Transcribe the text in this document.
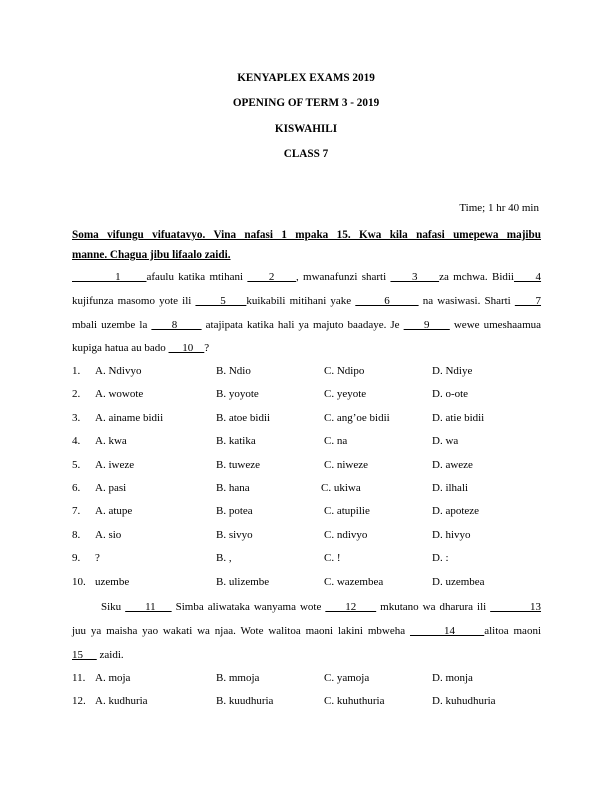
KENYAPLEX EXAMS 2019
OPENING OF TERM 3 - 2019
KISWAHILI
CLASS 7
Time; 1 hr 40 min
Soma vifungu vifuatavyo. Vina nafasi 1 mpaka 15. Kwa kila nafasi umepewa majibu
manne. Chagua jibu lifaalo zaidi.
1      afaulu katika mtihani      2     , mwanafunzi sharti      3     za mchwa. Bidii     4
kujifunza masomo yote ili       5     kuikabili mitihani yake        6        na wasiwasi. Sharti      7
mbali uzembe la      8       atajipata katika hali ya majuto baadaye. Je      9      wewe umeshaamua
kupiga hatua au bado      10    ?
1. A. Ndivyo	B. Ndio	C. Ndipo	D. Ndiye
2. A. wowote	B. yoyote	C. yeyote	D. o-ote
3. A. ainame bidii	B. atoe bidii	C. ang’oe bidii	D. atie bidii
4. A. kwa	B. katika	C. na	D. wa
5. A. iweze	B. tuweze	C. niweze	D. aweze
6. A. pasi	B. hana	C. ukiwa	D. ilhali
7. A. atupe	B. potea	C. atupilie	D. apoteze
8. A. sio	B. sivyo	C. ndivyo	D. hivyo
9. ?	B. ,	C. !	D. :
10. uzembe	B. ulizembe	C. wazembea	D. uzembea
Siku      11     Simba aliwataka wanyama wote      12      mkutano wa dharura ili           13
juu ya maisha yao wakati wa njaa. Wote walitoa maoni lakini mbweha        14      alitoa maoni
15      zaidi.
11. A. moja	B. mmoja	C. yamoja	D. monja
12. A. kudhuria	B. kuudhuria	C. kuhuthuria	D. kuhudhuria
